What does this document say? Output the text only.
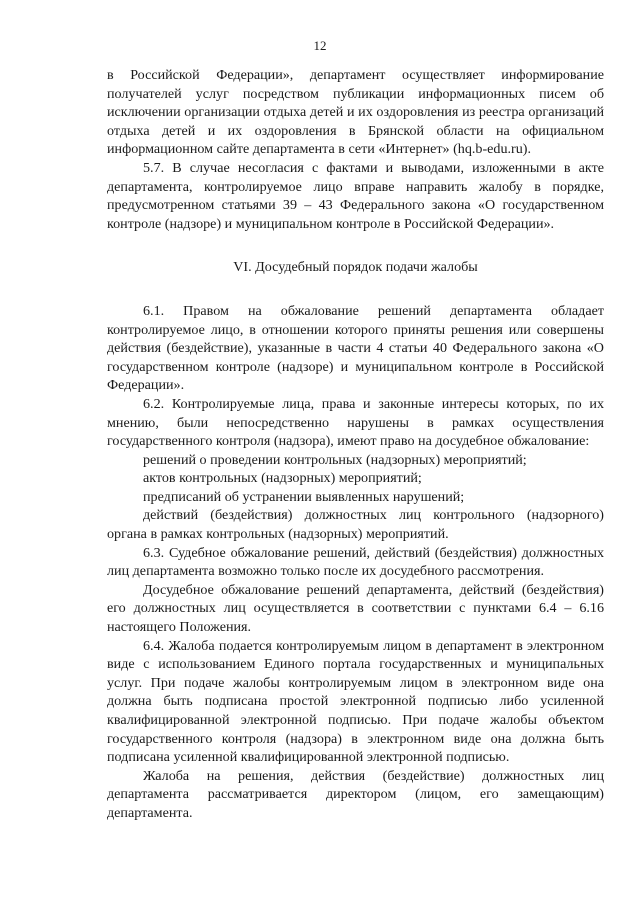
12

в Российской Федерации», департамент осуществляет информирование получателей услуг посредством публикации информационных писем об исключении организации отдыха детей и их оздоровления из реестра организаций отдыха детей и их оздоровления в Брянской области на официальном информационном сайте департамента в сети «Интернет» (hq.b-edu.ru).

5.7. В случае несогласия с фактами и выводами, изложенными в акте департамента, контролируемое лицо вправе направить жалобу в порядке, предусмотренном статьями 39 – 43 Федерального закона «О государственном контроле (надзоре) и муниципальном контроле в Российской Федерации».

VI. Досудебный порядок подачи жалобы

6.1. Правом на обжалование решений департамента обладает контролируемое лицо, в отношении которого приняты решения или совершены действия (бездействие), указанные в части 4 статьи 40 Федерального закона «О государственном контроле (надзоре) и муниципальном контроле в Российской Федерации».

6.2. Контролируемые лица, права и законные интересы которых, по их мнению, были непосредственно нарушены в рамках осуществления государственного контроля (надзора), имеют право на досудебное обжалование:

решений о проведении контрольных (надзорных) мероприятий;

актов контрольных (надзорных) мероприятий;

предписаний об устранении выявленных нарушений;

действий (бездействия) должностных лиц контрольного (надзорного) органа в рамках контрольных (надзорных) мероприятий.

6.3. Судебное обжалование решений, действий (бездействия) должностных лиц департамента возможно только после их досудебного рассмотрения.

Досудебное обжалование решений департамента, действий (бездействия) его должностных лиц осуществляется в соответствии с пунктами 6.4 – 6.16 настоящего Положения.

6.4. Жалоба подается контролируемым лицом в департамент в электронном виде с использованием Единого портала государственных и муниципальных услуг. При подаче жалобы контролируемым лицом в электронном виде она должна быть подписана простой электронной подписью либо усиленной квалифицированной электронной подписью. При подаче жалобы объектом государственного контроля (надзора) в электронном виде она должна быть подписана усиленной квалифицированной электронной подписью.

Жалоба на решения, действия (бездействие) должностных лиц департамента рассматривается директором (лицом, его замещающим) департамента.
